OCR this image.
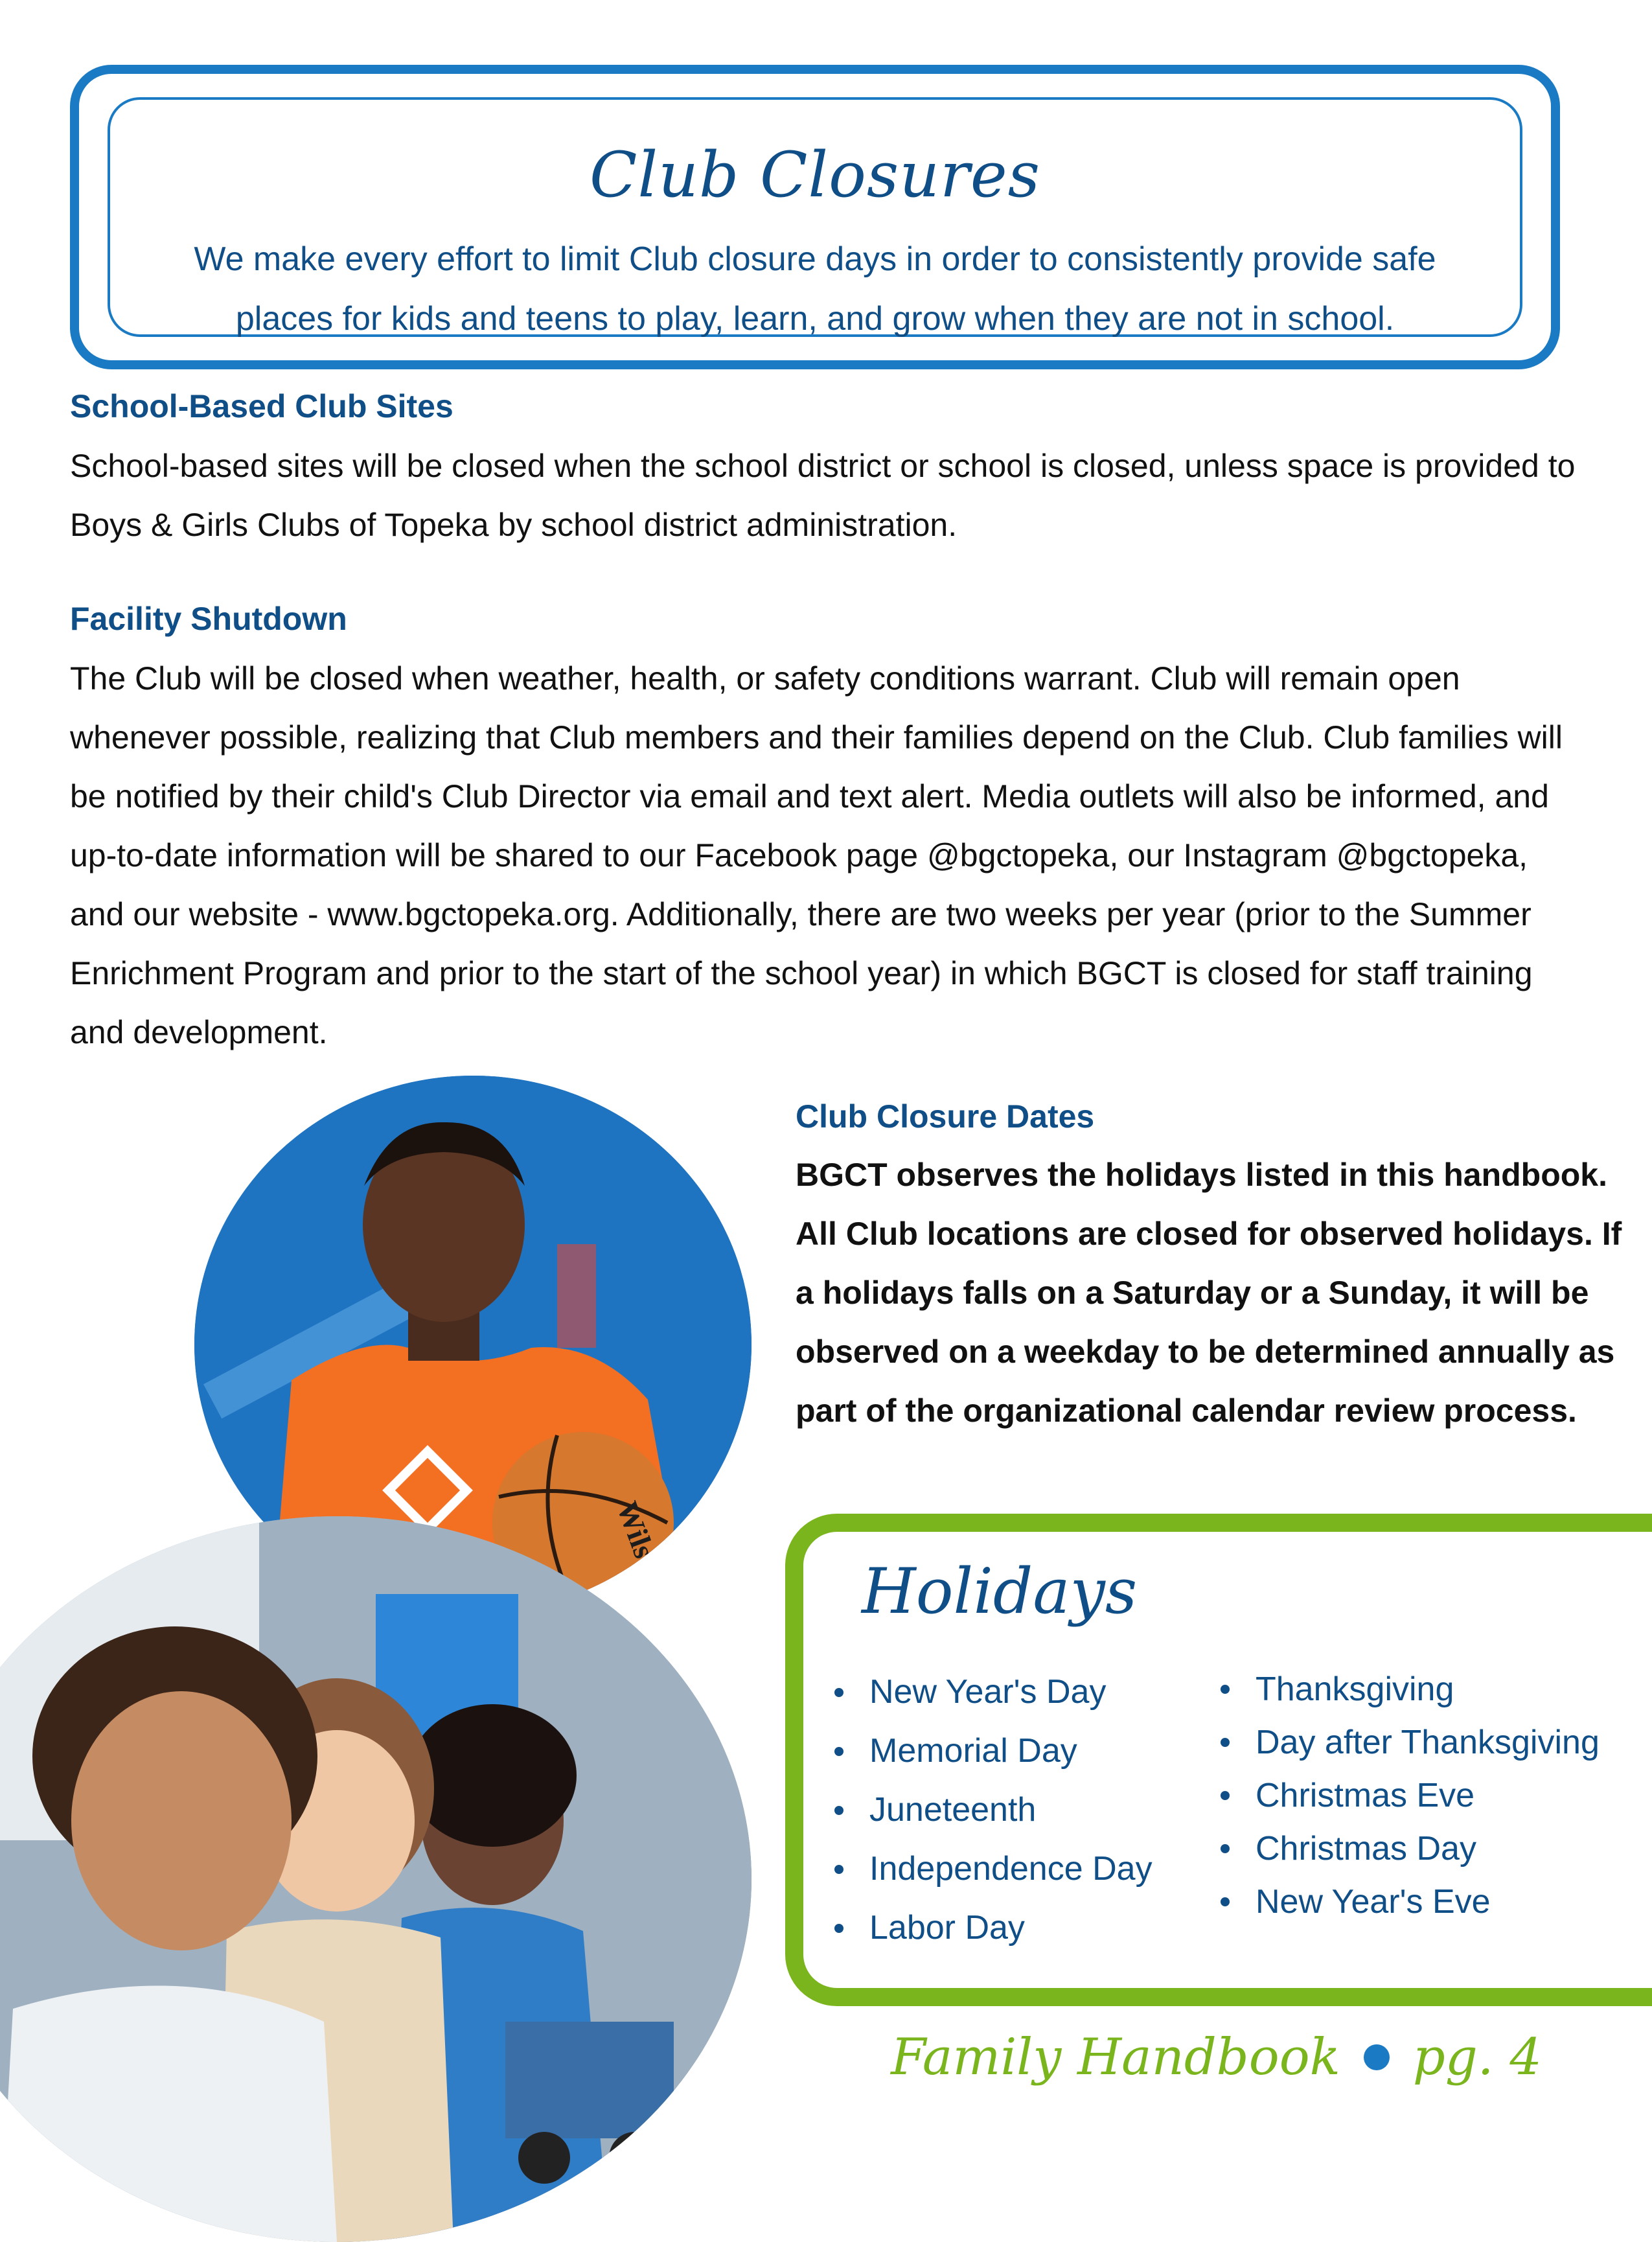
Club Closures
We make every effort to limit Club closure days in order to consistently provide safe
places for kids and teens to play, learn, and grow when they are not in school.
School-Based Club Sites
School-based sites will be closed when the school district or school is closed, unless space is provided to Boys & Girls Clubs of Topeka by school district administration.
Facility Shutdown
The Club will be closed when weather, health, or safety conditions warrant. Club will remain open whenever possible, realizing that Club members and their families depend on the Club. Club families will be notified by their child's Club Director via email and text alert. Media outlets will also be informed, and up-to-date information will be shared to our Facebook page @bgctopeka, our Instagram @bgctopeka, and our website - www.bgctopeka.org. Additionally, there are two weeks per year (prior to the Summer Enrichment Program and prior to the start of the school year) in which BGCT is closed for staff training and development.
Club Closure Dates
BGCT observes the holidays listed in this handbook. All Club locations are closed for observed holidays. If a holidays falls on a Saturday or a Sunday, it will be observed on a weekday to be determined annually as part of the organizational calendar review process.
Holidays
New Year's Day
Memorial Day
Juneteenth
Independence Day
Labor Day
Thanksgiving
Day after Thanksgiving
Christmas Eve
Christmas Day
New Year's Eve
Family Handbook pg. 4
